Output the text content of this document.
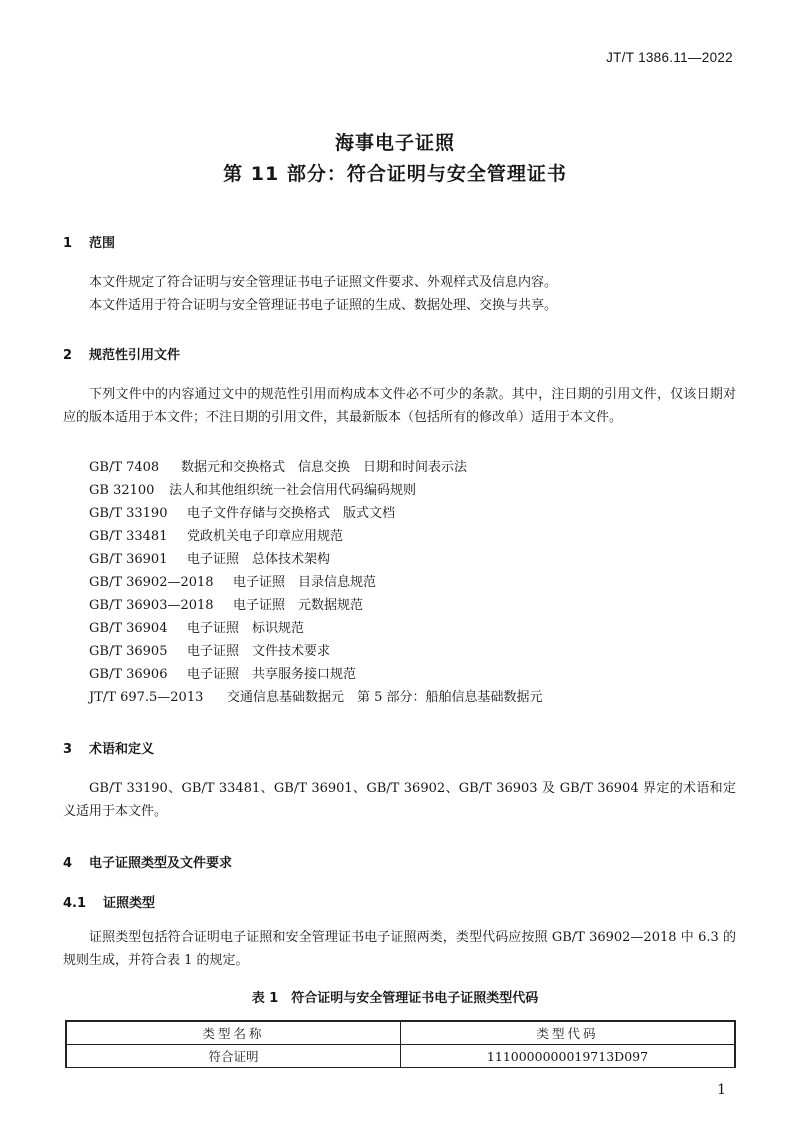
JT/T 1386.11—2022
海事电子证照
第 11 部分：符合证明与安全管理证书
1 范围
本文件规定了符合证明与安全管理证书电子证照文件要求、外观样式及信息内容。
本文件适用于符合证明与安全管理证书电子证照的生成、数据处理、交换与共享。
2 规范性引用文件
下列文件中的内容通过文中的规范性引用而构成本文件必不可少的条款。其中，注日期的引用文件，仅该日期对应的版本适用于本文件；不注日期的引用文件，其最新版本（包括所有的修改单）适用于本文件。
GB/T 7408 数据元和交换格式　信息交换　日期和时间表示法
GB 32100 法人和其他组织统一社会信用代码编码规则
GB/T 33190 电子文件存储与交换格式　版式文档
GB/T 33481 党政机关电子印章应用规范
GB/T 36901 电子证照　总体技术架构
GB/T 36902—2018 电子证照　目录信息规范
GB/T 36903—2018 电子证照　元数据规范
GB/T 36904 电子证照　标识规范
GB/T 36905 电子证照　文件技术要求
GB/T 36906 电子证照　共享服务接口规范
JT/T 697.5—2013 交通信息基础数据元　第 5 部分：船舶信息基础数据元
3 术语和定义
GB/T 33190、GB/T 33481、GB/T 36901、GB/T 36902、GB/T 36903 及 GB/T 36904 界定的术语和定义适用于本文件。
4 电子证照类型及文件要求
4.1 证照类型
证照类型包括符合证明电子证照和安全管理证书电子证照两类，类型代码应按照 GB/T 36902—2018 中 6.3 的规则生成，并符合表 1 的规定。
表 1　符合证明与安全管理证书电子证照类型代码
类型名称	类型代码
符合证明	1110000000019713D097
1
